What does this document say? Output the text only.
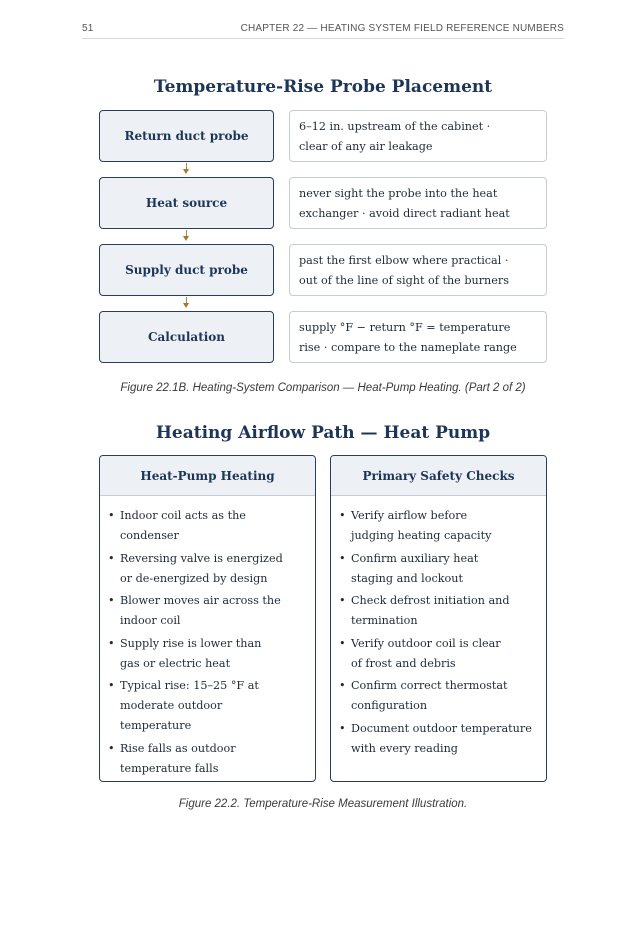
51	CHAPTER 22 — HEATING SYSTEM FIELD REFERENCE NUMBERS
Temperature-Rise Probe Placement
Return duct probe
6–12 in. upstream of the cabinet ·
clear of any air leakage
Heat source
never sight the probe into the heat
exchanger · avoid direct radiant heat
Supply duct probe
past the first elbow where practical ·
out of the line of sight of the burners
Calculation
supply °F − return °F = temperature
rise · compare to the nameplate range
Figure 22.1B. Heating-System Comparison — Heat-Pump Heating. (Part 2 of 2)
Heating Airflow Path — Heat Pump
Heat-Pump Heating
• Indoor coil acts as the
condenser
• Reversing valve is energized
or de-energized by design
• Blower moves air across the
indoor coil
• Supply rise is lower than
gas or electric heat
• Typical rise: 15–25 °F at
moderate outdoor
temperature
• Rise falls as outdoor
temperature falls
Primary Safety Checks
• Verify airflow before
judging heating capacity
• Confirm auxiliary heat
staging and lockout
• Check defrost initiation and
termination
• Verify outdoor coil is clear
of frost and debris
• Confirm correct thermostat
configuration
• Document outdoor temperature
with every reading
Figure 22.2. Temperature-Rise Measurement Illustration.
